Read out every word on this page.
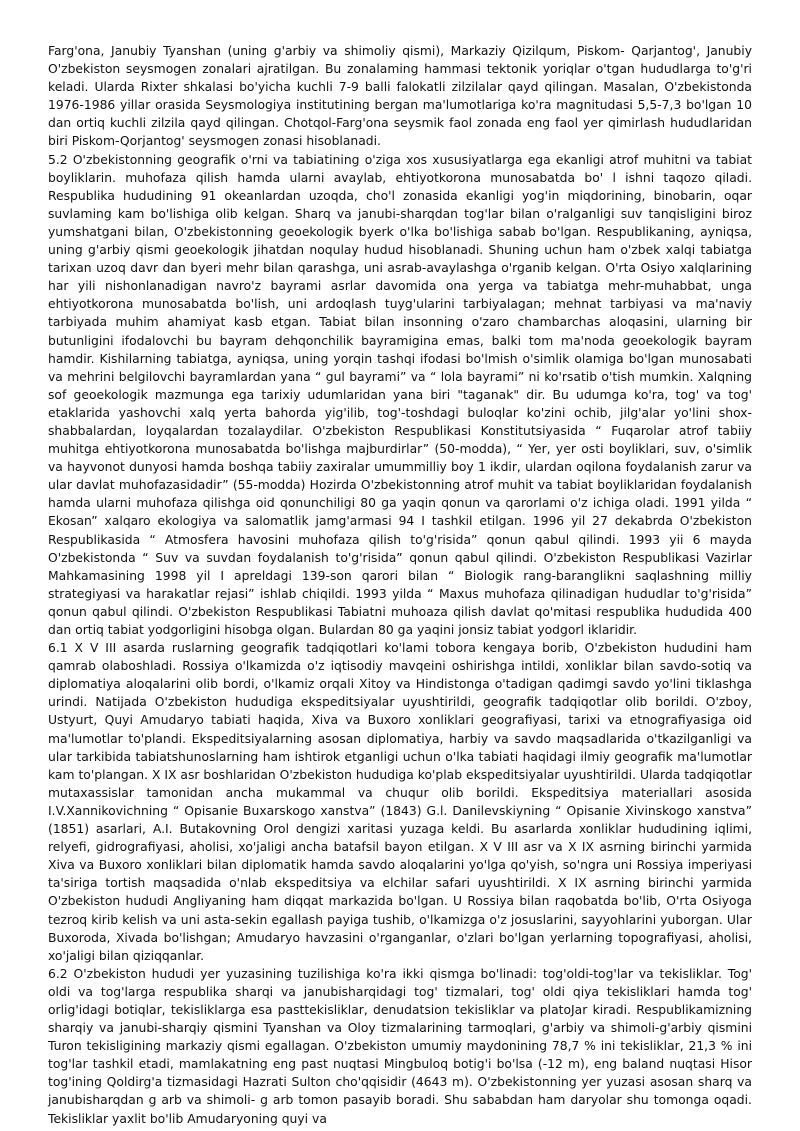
Farg'ona, Janubiy Tyanshan (uning g'arbiy va shimoliy qismi), Markaziy Qizilqum, Piskom- Qarjantog', Janubiy O'zbekiston seysmogen zonalari ajratilgan. Bu zonalaming hammasi tektonik yoriqlar o'tgan hududlarga to'g'ri keladi. Ularda Rixter shkalasi bo'yicha kuchli 7-9 balli falokatli zilzilalar qayd qilingan. Masalan, O'zbekistonda 1976-1986 yillar orasida Seysmologiya institutining bergan ma'lumotlariga ko'ra magnitudasi 5,5-7,3 bo'lgan 10 dan ortiq kuchli zilzila qayd qilingan. Chotqol-Farg'ona seysmik faol zonada eng faol yer qimirlash hududlaridan biri Piskom-Qorjantog' seysmogen zonasi hisoblanadi.

5.2 O'zbekistonning geografik o'rni va tabiatining o'ziga xos xususiyatlarga ega ekanligi atrof muhitni va tabiat boyliklarin. muhofaza qilish hamda ularni avaylab, ehtiyotkorona munosabatda bo' l ishni taqozo qiladi. Respublika hududining 91 okeanlardan uzoqda, cho'l zonasida ekanligi yog'in miqdorining, binobarin, oqar suvlaming kam bo'lishiga olib kelgan. Sharq va janubi-sharqdan tog'lar bilan o'ralganligi suv tanqisligini biroz yumshatgani bilan, O'zbekistonning geoekologik byerk o'lka bo'lishiga sabab bo'lgan. Respublikaning, ayniqsa, uning g'arbiy qismi geoekologik jihatdan noqulay hudud hisoblanadi. Shuning uchun ham o'zbek xalqi tabiatga tarixan uzoq davr dan byeri mehr bilan qarashga, uni asrab-avaylashga o'rganib kelgan. O'rta Osiyo xalqlarining har yili nishonlanadigan navro'z bayrami asrlar davomida ona yerga va tabiatga mehr-muhabbat, unga ehtiyotkorona munosabatda bo'lish, uni ardoqlash tuyg'ularini tarbiyalagan; mehnat tarbiyasi va ma'naviy tarbiyada muhim ahamiyat kasb etgan. Tabiat bilan insonning o'zaro chambarchas aloqasini, ularning bir butunligini ifodalovchi bu bayram dehqonchilik bayramigina emas, balki tom ma'noda geoekologik bayram hamdir. Kishilarning tabiatga, ayniqsa, uning yorqin tashqi ifodasi bo'lmish o'simlik olamiga bo'lgan munosabati va mehrini belgilovchi bayramlardan yana “ gul bayrami” va “ lola bayrami” ni ko'rsatib o'tish mumkin. Xalqning sof geoekologik mazmunga ega tarixiy udumlaridan yana biri "taganak" dir. Bu udumga ko'ra, tog' va tog' etaklarida yashovchi xalq yerta bahorda yig'ilib, tog'-toshdagi buloqlar ko'zini ochib, jilg'alar yo'lini shox-shabbalardan, loyqalardan tozalaydilar. O'zbekiston Respublikasi Konstitutsiyasida “ Fuqarolar atrof tabiiy muhitga ehtiyotkorona munosabatda bo'lishga majburdirlar” (50-modda), “ Yer, yer osti boyliklari, suv, o'simlik va hayvonot dunyosi hamda boshqa tabiiy zaxiralar umummilliy boy 1 ikdir, ulardan oqilona foydalanish zarur va ular davlat muhofazasidadir” (55-modda) Hozirda O'zbekistonning atrof muhit va tabiat boyliklaridan foydalanish hamda ularni muhofaza qilishga oid qonunchiligi 80 ga yaqin qonun va qarorlami o'z ichiga oladi. 1991 yilda “ Ekosan” xalqaro ekologiya va salomatlik jamg'armasi 94 I tashkil etilgan. 1996 yil 27 dekabrda O'zbekiston Respublikasida “ Atmosfera havosini muhofaza qilish to'g'risida” qonun qabul qilindi. 1993 yii 6 mayda O'zbekistonda “ Suv va suvdan foydalanish to'g'risida” qonun qabul qilindi. O'zbekiston Respublikasi Vazirlar Mahkamasining 1998 yil I apreldagi 139-son qarori bilan “ Biologik rang-baranglikni saqlashning milliy strategiyasi va harakatlar rejasi” ishlab chiqildi. 1993 yilda “ Maxus muhofaza qilinadigan hududlar to'g'risida” qonun qabul qilindi. O'zbekiston Respublikasi Tabiatni muhoaza qilish davlat qo'mitasi respublika hududida 400 dan ortiq tabiat yodgorligini hisobga olgan. Bulardan 80 ga yaqini jonsiz tabiat yodgorl iklaridir.

6.1 X V III asarda ruslarning geografik tadqiqotlari ko'lami tobora kengaya borib, O'zbekiston hududini ham qamrab olaboshladi. Rossiya o'lkamizda o'z iqtisodiy mavqeini oshirishga intildi, xonliklar bilan savdo-sotiq va diplomatiya aloqalarini olib bordi, o'lkamiz orqali Xitoy va Hindistonga o'tadigan qadimgi savdo yo'lini tiklashga urindi. Natijada O'zbekiston hududiga ekspeditsiyalar uyushtirildi, geografik tadqiqotlar olib borildi. O'zboy, Ustyurt, Quyi Amudaryo tabiati haqida, Xiva va Buxoro xonliklari geografiyasi, tarixi va etnografiyasiga oid ma'lumotlar to'plandi. Ekspeditsiyalarning asosan diplomatiya, harbiy va savdo maqsadlarida o'tkazilganligi va ular tarkibida tabiatshunoslarning ham ishtirok etganligi uchun o'lka tabiati haqidagi ilmiy geografik ma'lumotlar kam to'plangan. X IX asr boshlaridan O'zbekiston hududiga ko'plab ekspeditsiyalar uyushtirildi. Ularda tadqiqotlar mutaxassislar tamonidan ancha mukammal va chuqur olib borildi. Ekspeditsiya materiallari asosida I.V.Xannikovichning “ Opisanie Buxarskogo xanstva” (1843) G.l. Danilevskiyning “ Opisanie Xivinskogo xanstva” (1851) asarlari, A.I. Butakovning Orol dengizi xaritasi yuzaga keldi. Bu asarlarda xonliklar hududining iqlimi, relyefi, gidrografiyasi, aholisi, xo'jaligi ancha batafsil bayon etilgan. X V III asr va X IX asrning birinchi yarmida Xiva va Buxoro xonliklari bilan diplomatik hamda savdo aloqalarini yo'lga qo'yish, so'ngra uni Rossiya imperiyasi ta'siriga tortish maqsadida o'nlab ekspeditsiya va elchilar safari uyushtirildi. X IX asrning birinchi yarmida O'zbekiston hududi Angliyaning ham diqqat markazida bo'lgan. U Rossiya bilan raqobatda bo'lib, O'rta Osiyoga tezroq kirib kelish va uni asta-sekin egallash payiga tushib, o'lkamizga o'z josuslarini, sayyohlarini yuborgan. Ular Buxoroda, Xivada bo'lishgan; Amudaryo havzasini o'rganganlar, o'zlari bo'lgan yerlarning topografiyasi, aholisi, xo'jaligi bilan qiziqqanlar.

6.2 O'zbekiston hududi yer yuzasining tuzilishiga ko'ra ikki qismga bo'linadi: tog'oldi-tog'lar va tekisliklar. Tog' oldi va tog'larga respublika sharqi va janubisharqidagi tog' tizmalari, tog' oldi qiya tekisliklari hamda tog' orlig'idagi botiqlar, tekisliklarga esa pasttekisliklar, denudatsion tekisliklar va platoJar kiradi. Respublikamizning sharqiy va janubi-sharqiy qismini Tyanshan va Oloy tizmalarining tarmoqlari, g'arbiy va shimoli-g'arbiy qismini Turon tekisligining markaziy qismi egallagan. O'zbekiston umumiy maydonining 78,7 % ini tekisliklar, 21,3 % ini tog'lar tashkil etadi, mamlakatning eng past nuqtasi Mingbuloq botig'i bo'lsa (-12 m), eng baland nuqtasi Hisor tog'ining Qoldirg'a tizmasidagi Hazrati Sulton cho'qqisidir (4643 m). O'zbekistonning yer yuzasi asosan sharq va janubisharqdan g arb va shimoli- g arb tomon pasayib boradi. Shu sababdan ham daryolar shu tomonga oqadi. Tekisliklar yaxlit bo'lib Amudaryoning quyi va
